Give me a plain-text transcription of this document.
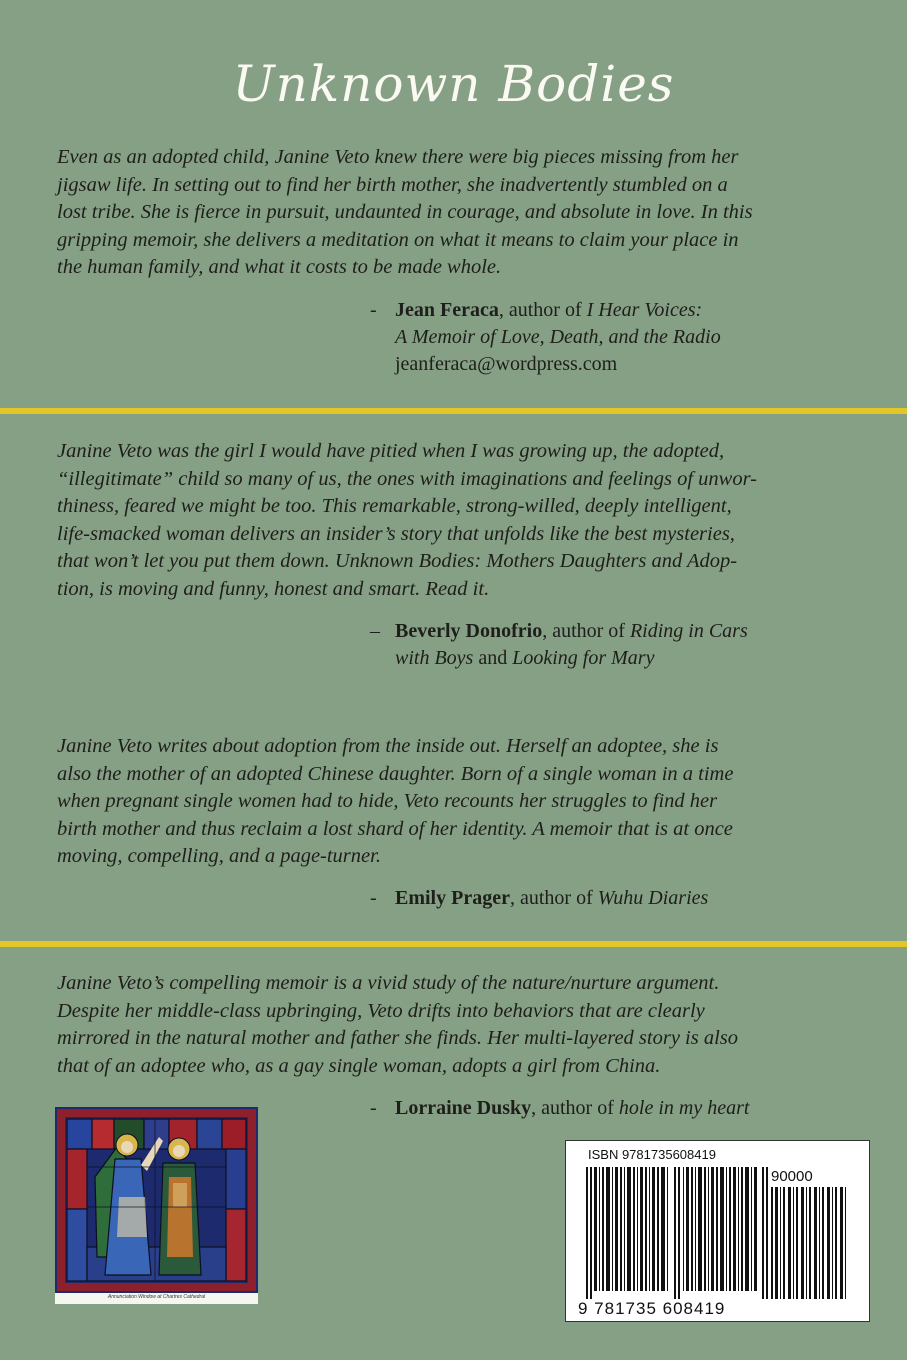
Unknown Bodies
Even as an adopted child, Janine Veto knew there were big pieces missing from her
jigsaw life. In setting out to find her birth mother, she inadvertently stumbled on a
lost tribe. She is fierce in pursuit, undaunted in courage, and absolute in love. In this
gripping memoir, she delivers a meditation on what it means to claim your place in
the human family, and what it costs to be made whole.
- Jean Feraca, author of I Hear Voices:
A Memoir of Love, Death, and the Radio
jeanferaca@wordpress.com
Janine Veto was the girl I would have pitied when I was growing up, the adopted,
“illegitimate” child so many of us, the ones with imaginations and feelings of unwor-
thiness, feared we might be too. This remarkable, strong-willed, deeply intelligent,
life-smacked woman delivers an insider’s story that unfolds like the best mysteries,
that won’t let you put them down. Unknown Bodies: Mothers Daughters and Adop-
tion, is moving and funny, honest and smart. Read it.
– Beverly Donofrio, author of Riding in Cars
with Boys and Looking for Mary
Janine Veto writes about adoption from the inside out. Herself an adoptee, she is
also the mother of an adopted Chinese daughter. Born of a single woman in a time
when pregnant single women had to hide, Veto recounts her struggles to find her
birth mother and thus reclaim a lost shard of her identity. A memoir that is at once
moving, compelling, and a page-turner.
- Emily Prager, author of Wuhu Diaries
Janine Veto’s compelling memoir is a vivid study of the nature/nurture argument.
Despite her middle-class upbringing, Veto drifts into behaviors that are clearly
mirrored in the natural mother and father she finds. Her multi-layered story is also
that of an adoptee who, as a gay single woman, adopts a girl from China.
- Lorraine Dusky, author of hole in my heart
Annunciation Window at Chartres Cathedral
ISBN 9781735608419
90000
9 781735 608419
